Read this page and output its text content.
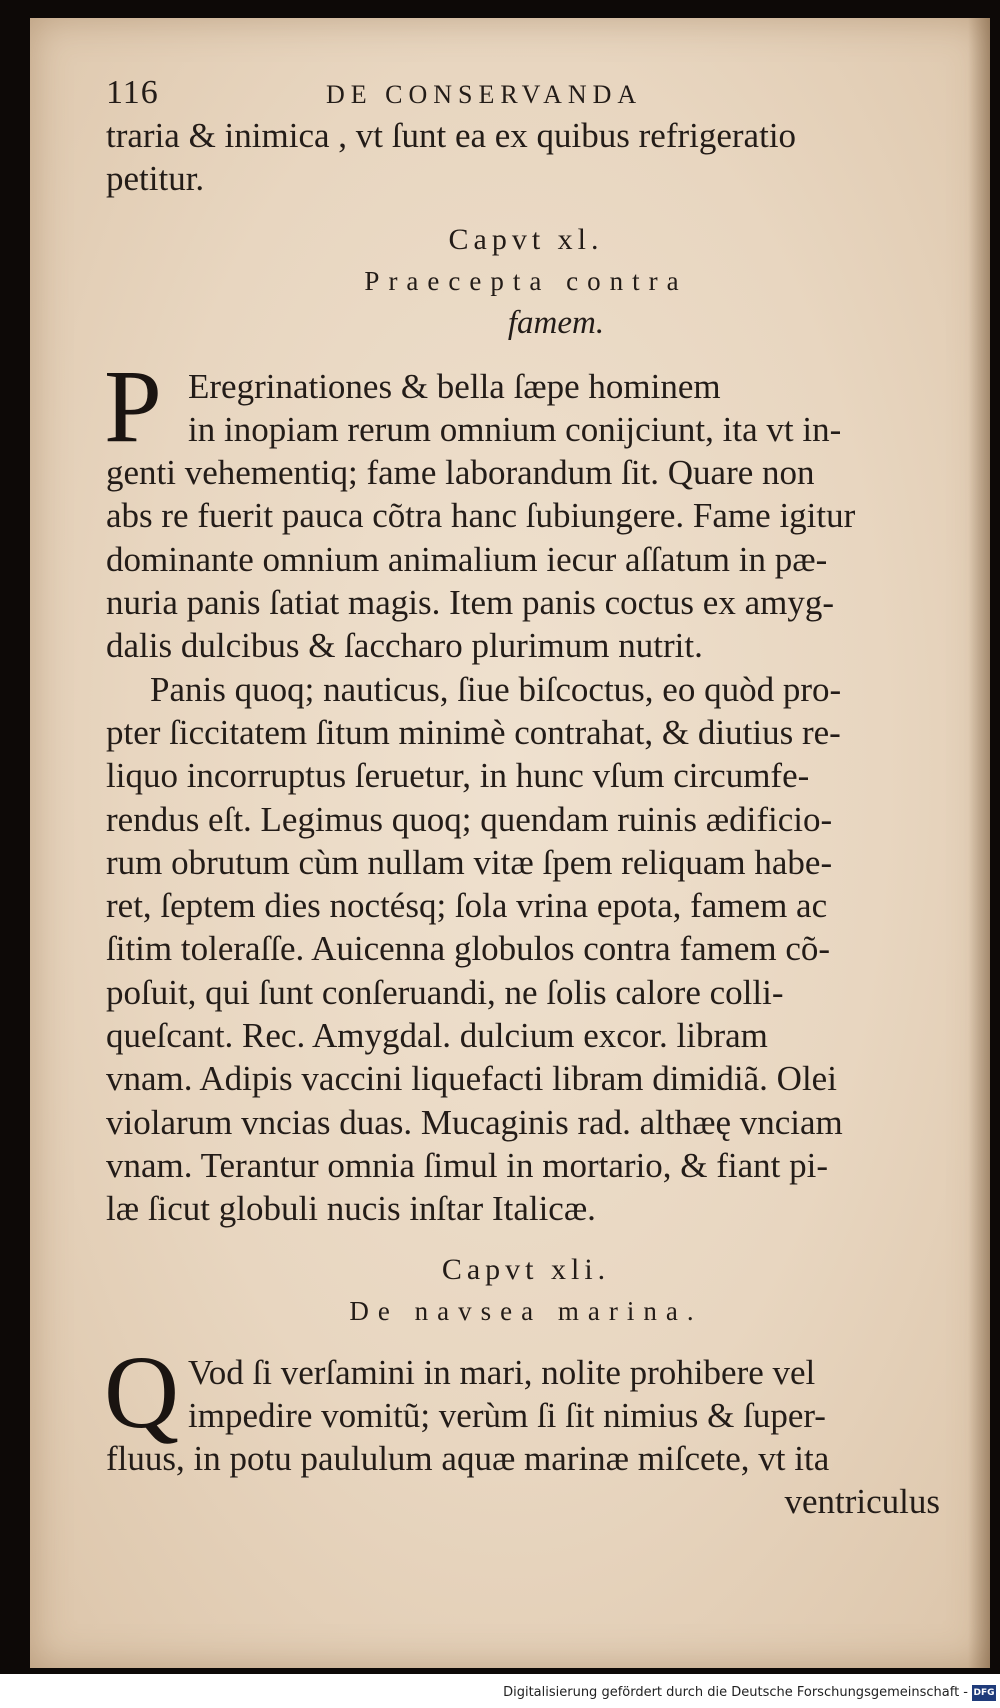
116	DE CONSERVANDA
traria & inimica , vt ſunt ea ex quibus refrigeratio
petitur.
Capvt xl.
Praecepta contra
famem.
P Eregrinationes & bella ſæpe hominem
in inopiam rerum omnium conijciunt, ita vt in-
genti vehementiq; fame laborandum ſit. Quare non
abs re fuerit pauca cõtra hanc ſubiungere. Fame igitur
dominante omnium animalium iecur aſſatum in pæ-
nuria panis ſatiat magis. Item panis coctus ex amyg-
dalis dulcibus & ſaccharo plurimum nutrit.
Panis quoq; nauticus, ſiue biſcoctus, eo quòd pro-
pter ſiccitatem ſitum minimè contrahat, & diutius re-
liquo incorruptus ſeruetur, in hunc vſum circumfe-
rendus eſt. Legimus quoq; quendam ruinis ædificio-
rum obrutum cùm nullam vitæ ſpem reliquam habe-
ret, ſeptem dies noctésq; ſola vrina epota, famem ac
ſitim toleraſſe. Auicenna globulos contra famem cõ-
poſuit, qui ſunt conſeruandi, ne ſolis calore colli-
queſcant. Rec. Amygdal. dulcium excor. libram
vnam. Adipis vaccini liquefacti libram dimidiã. Olei
violarum vncias duas. Mucaginis rad. althæę vnciam
vnam. Terantur omnia ſimul in mortario, & fiant pi-
læ ſicut globuli nucis inſtar Italicæ.
Capvt xli.
De navsea marina.
Q Vod ſi verſamini in mari, nolite prohibere vel
impedire vomitũ; verùm ſi ſit nimius & ſuper-
fluus, in potu paululum aquæ marinæ miſcete, vt ita
ventriculus
Digitalisierung gefördert durch die Deutsche Forschungsgemeinschaft - DFG
